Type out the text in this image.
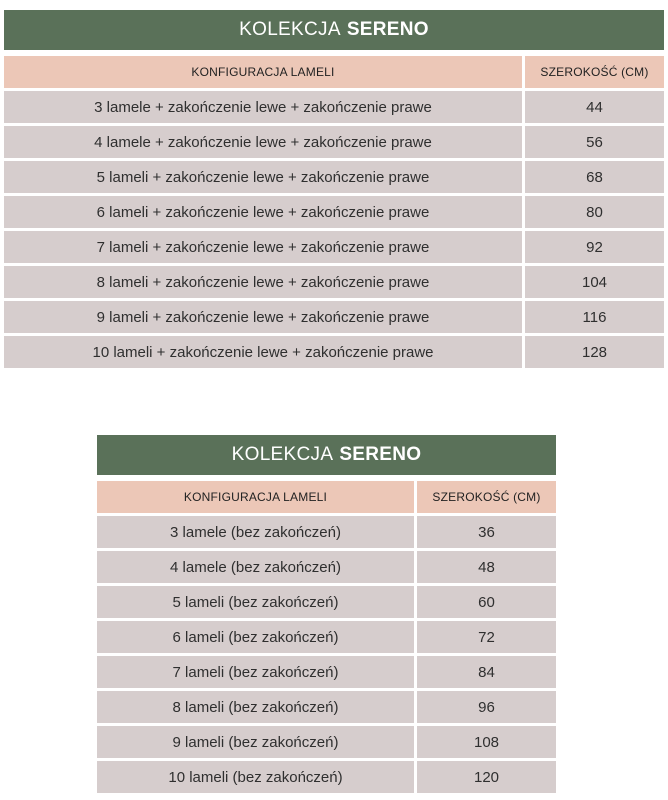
KOLEKCJA SERENO
KONFIGURACJA LAMELI	SZEROKOŚĆ (CM)
3 lamele + zakończenie lewe + zakończenie prawe	44
4 lamele + zakończenie lewe + zakończenie prawe	56
5 lameli + zakończenie lewe + zakończenie prawe	68
6 lameli + zakończenie lewe + zakończenie prawe	80
7 lameli + zakończenie lewe + zakończenie prawe	92
8 lameli + zakończenie lewe + zakończenie prawe	104
9 lameli + zakończenie lewe + zakończenie prawe	116
10 lameli + zakończenie lewe + zakończenie prawe	128
KOLEKCJA SERENO
KONFIGURACJA LAMELI	SZEROKOŚĆ (CM)
3 lamele (bez zakończeń)	36
4 lamele (bez zakończeń)	48
5 lameli (bez zakończeń)	60
6 lameli (bez zakończeń)	72
7 lameli (bez zakończeń)	84
8 lameli (bez zakończeń)	96
9 lameli (bez zakończeń)	108
10 lameli (bez zakończeń)	120
